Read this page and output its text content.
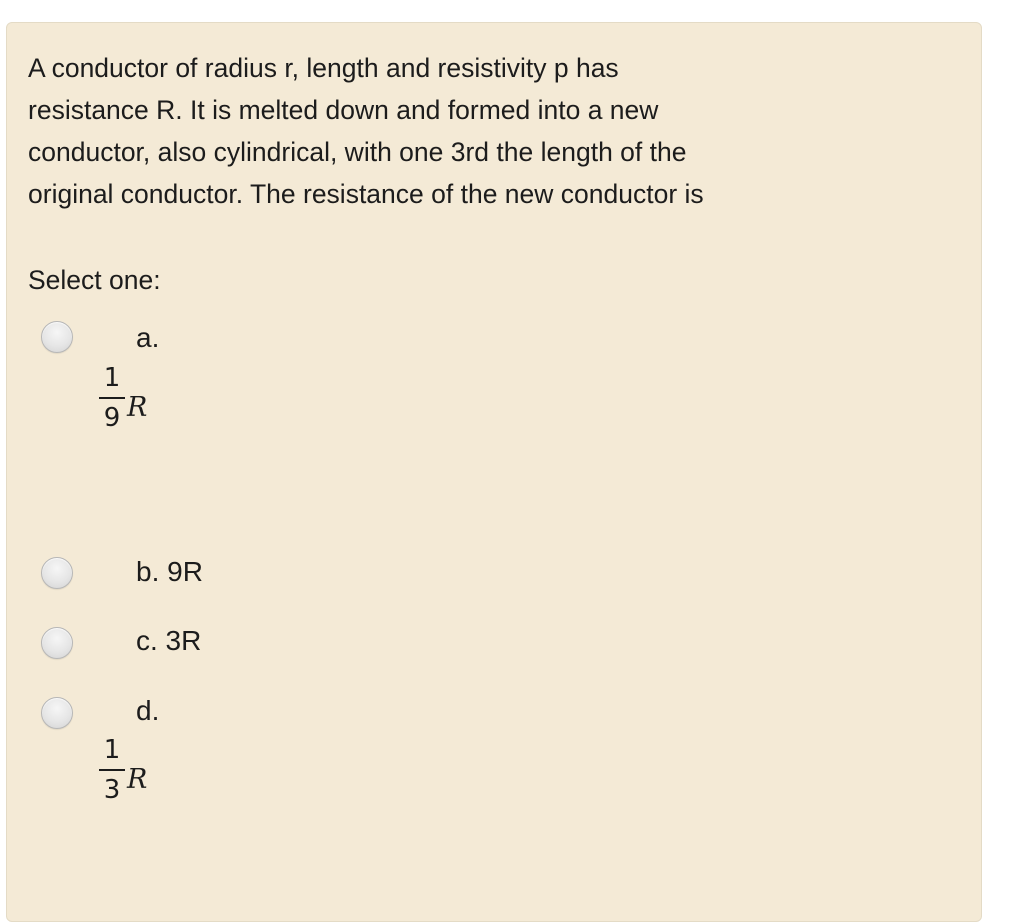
A conductor of radius r, length and resistivity p has
resistance R. It is melted down and formed into a new
conductor, also cylindrical, with one 3rd the length of the
original conductor. The resistance of the new conductor is

Select one:

a.
1
9 R
b. 9R
c. 3R
d.
1
3 R
